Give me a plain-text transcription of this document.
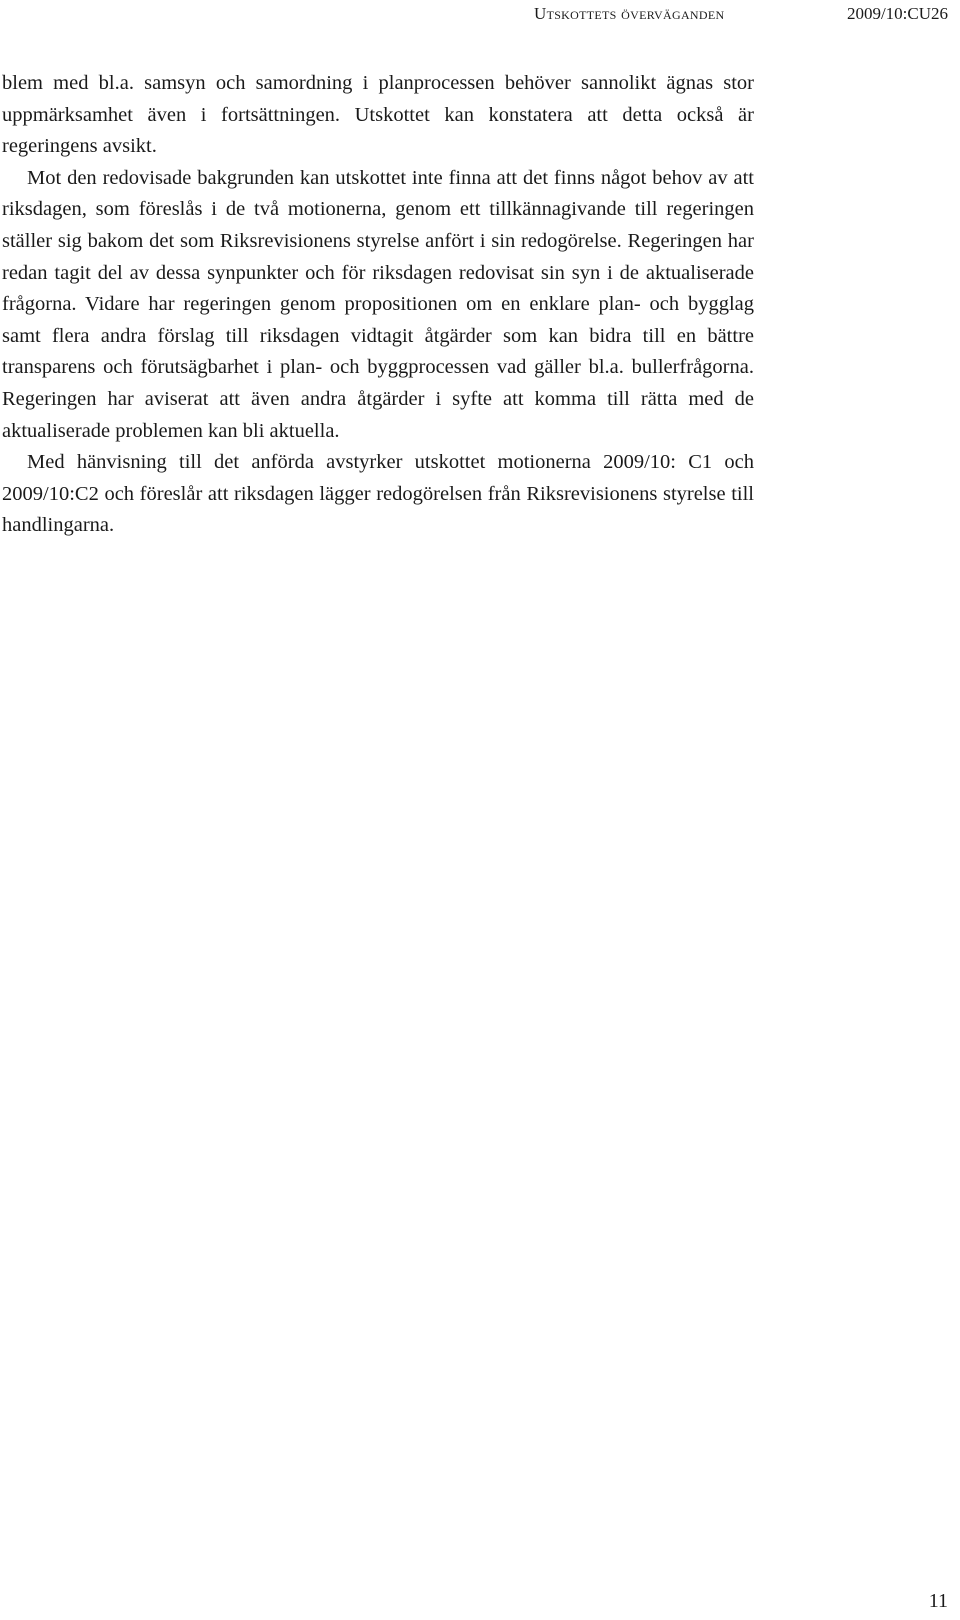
Utskottets överväganden	2009/10:CU26

blem med bl.a. samsyn och samordning i planprocessen behöver sannolikt ägnas stor uppmärksamhet även i fortsättningen. Utskottet kan konstatera att detta också är regeringens avsikt.

Mot den redovisade bakgrunden kan utskottet inte finna att det finns något behov av att riksdagen, som föreslås i de två motionerna, genom ett tillkännagivande till regeringen ställer sig bakom det som Riksrevisionens styrelse anfört i sin redogörelse. Regeringen har redan tagit del av dessa synpunkter och för riksdagen redovisat sin syn i de aktualiserade frågorna. Vidare har regeringen genom propositionen om en enklare plan- och bygglag samt flera andra förslag till riksdagen vidtagit åtgärder som kan bidra till en bättre transparens och förutsägbarhet i plan- och byggprocessen vad gäller bl.a. bullerfrågorna. Regeringen har aviserat att även andra åtgärder i syfte att komma till rätta med de aktualiserade problemen kan bli aktuella.

Med hänvisning till det anförda avstyrker utskottet motionerna 2009/10: C1 och 2009/10:C2 och föreslår att riksdagen lägger redogörelsen från Riksrevisionens styrelse till handlingarna.

11
